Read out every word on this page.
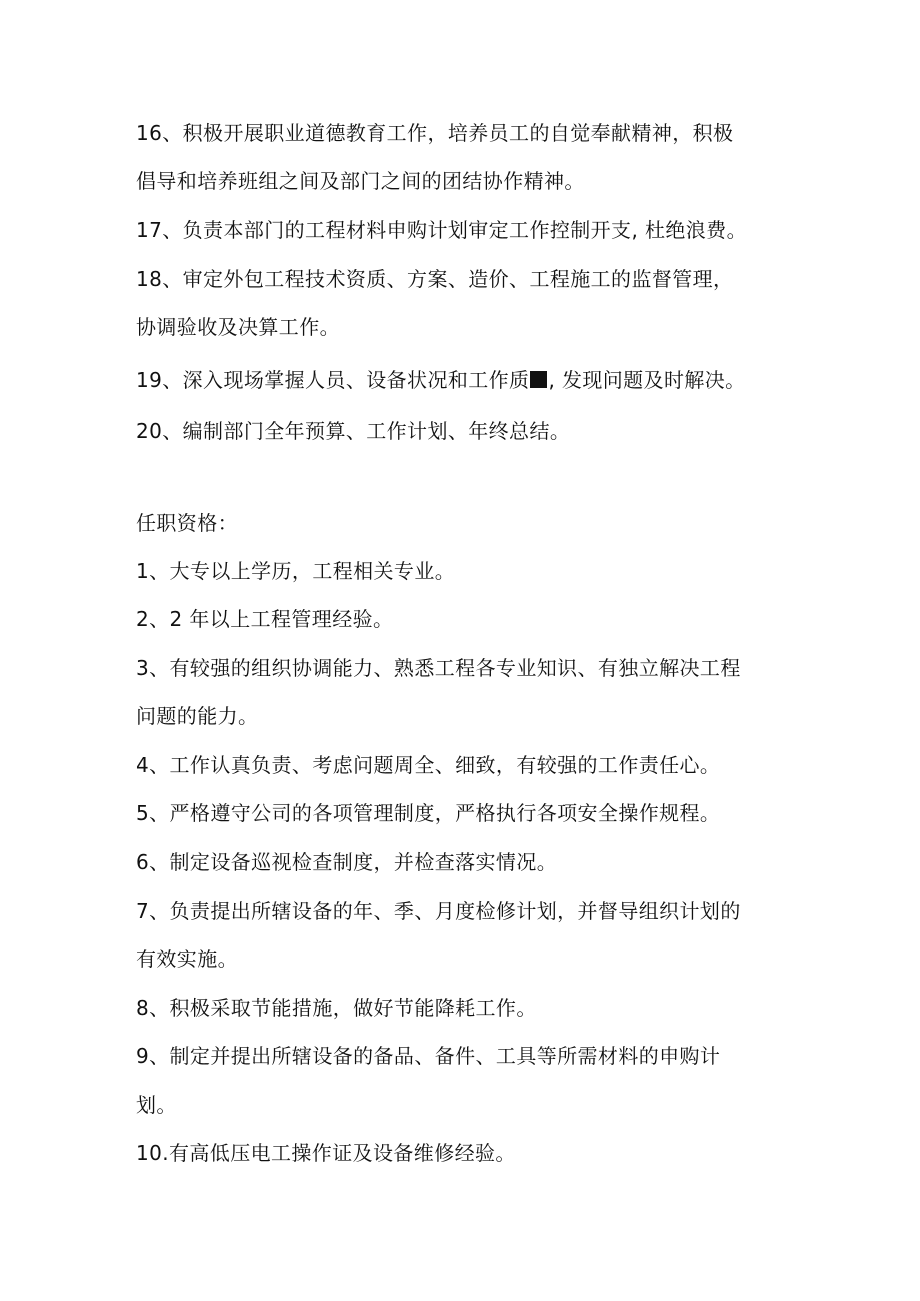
16、积极开展职业道德教育工作，培养员工的自觉奉献精神，积极
倡导和培养班组之间及部门之间的团结协作精神。
17、负责本部门的工程材料申购计划审定工作控制开支, 杜绝浪费。
18、审定外包工程技术资质、方案、造价、工程施工的监督管理，
协调验收及决算工作。
19、深入现场掌握人员、设备状况和工作质 , 发现问题及时解决。
20、编制部门全年预算、工作计划、年终总结。
任职资格：
1、大专以上学历，工程相关专业。
2、2 年以上工程管理经验。
3、有较强的组织协调能力、熟悉工程各专业知识、有独立解决工程
问题的能力。
4、工作认真负责、考虑问题周全、细致，有较强的工作责任心。
5、严格遵守公司的各项管理制度，严格执行各项安全操作规程。
6、制定设备巡视检查制度，并检查落实情况。
7、负责提出所辖设备的年、季、月度检修计划，并督导组织计划的
有效实施。
8、积极采取节能措施，做好节能降耗工作。
9、制定并提出所辖设备的备品、备件、工具等所需材料的申购计
划。
10.有高低压电工操作证及设备维修经验。
